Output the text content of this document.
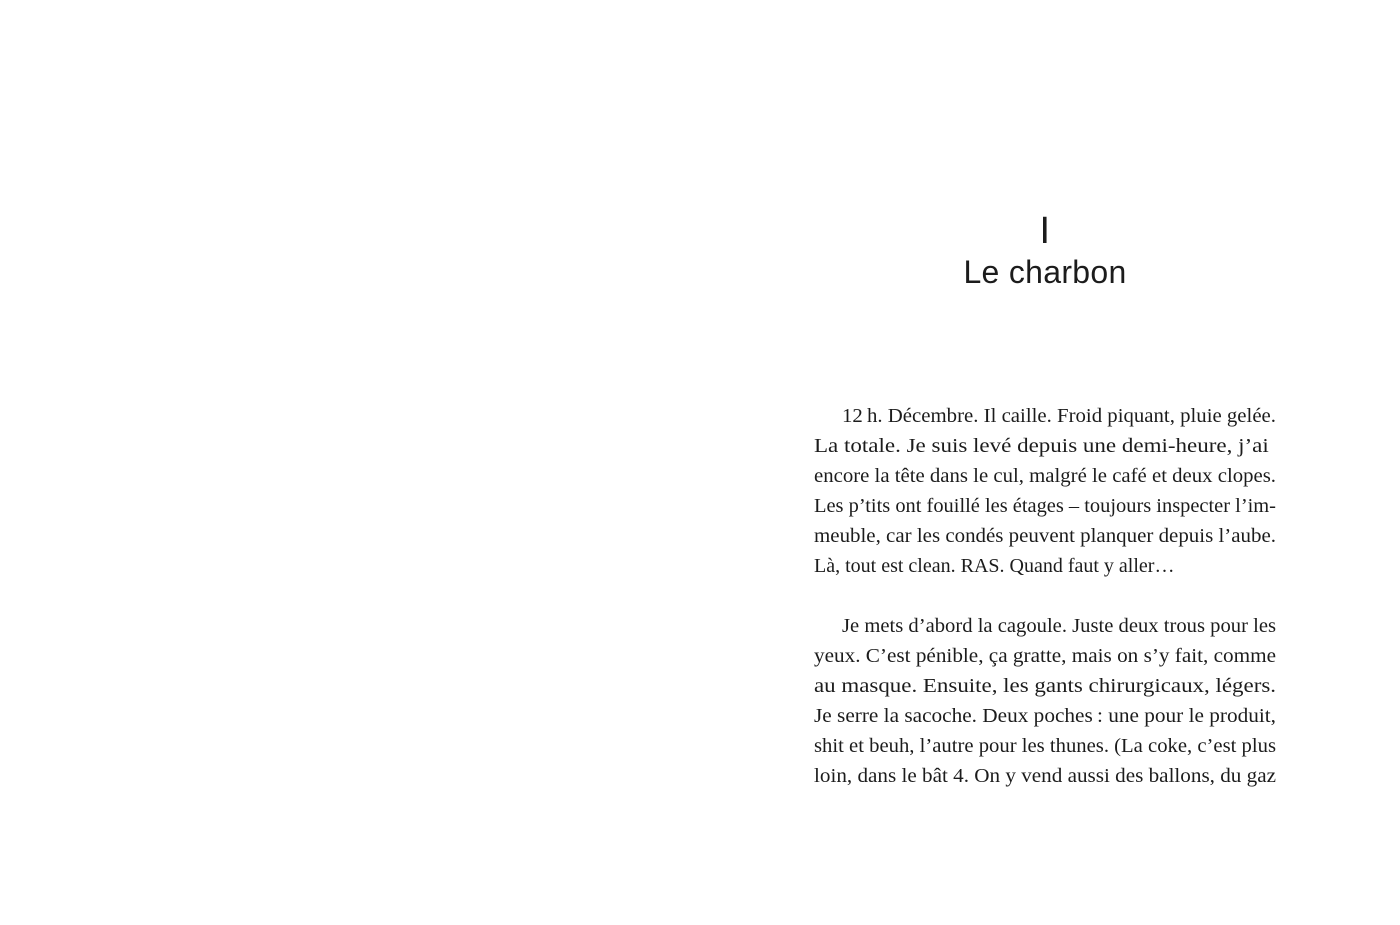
I
Le charbon
12 h. Décembre. Il caille. Froid piquant, pluie gelée.
La totale. Je suis levé depuis une demi-heure, j’ai
encore la tête dans le cul, malgré le café et deux clopes.
Les p’tits ont fouillé les étages – toujours inspecter l’im-
meuble, car les condés peuvent planquer depuis l’aube.
Là, tout est clean. RAS. Quand faut y aller…
Je mets d’abord la cagoule. Juste deux trous pour les
yeux. C’est pénible, ça gratte, mais on s’y fait, comme
au masque. Ensuite, les gants chirurgicaux, légers.
Je serre la sacoche. Deux poches : une pour le produit,
shit et beuh, l’autre pour les thunes. (La coke, c’est plus
loin, dans le bât 4. On y vend aussi des ballons, du gaz
